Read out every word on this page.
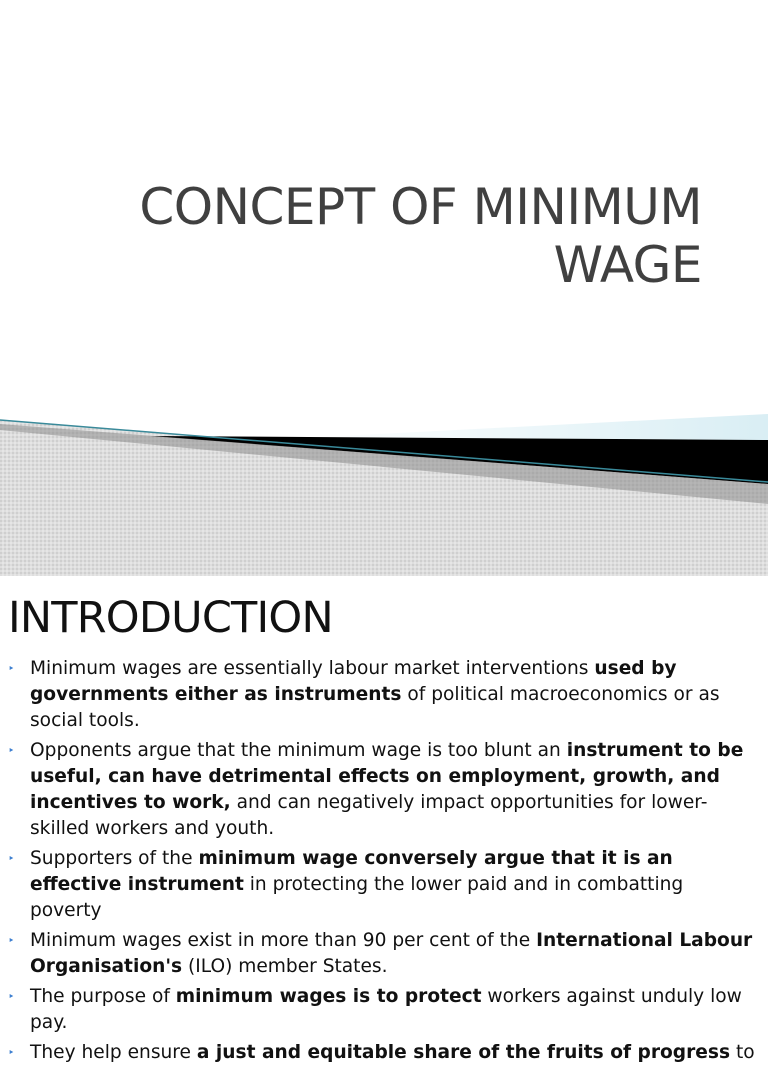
CONCEPT OF MINIMUM
WAGE
INTRODUCTION
‣ Minimum wages are essentially labour market interventions used by governments either as instruments of political macroeconomics or as social tools.
‣ Opponents argue that the minimum wage is too blunt an instrument to be useful, can have detrimental effects on employment, growth, and incentives to work, and can negatively impact opportunities for lower-skilled workers and youth.
‣ Supporters of the minimum wage conversely argue that it is an effective instrument in protecting the lower paid and in combatting poverty
‣ Minimum wages exist in more than 90 per cent of the International Labour Organisation's (ILO) member States.
‣ The purpose of minimum wages is to protect workers against unduly low pay.
‣ They help ensure a just and equitable share of the fruits of progress to
